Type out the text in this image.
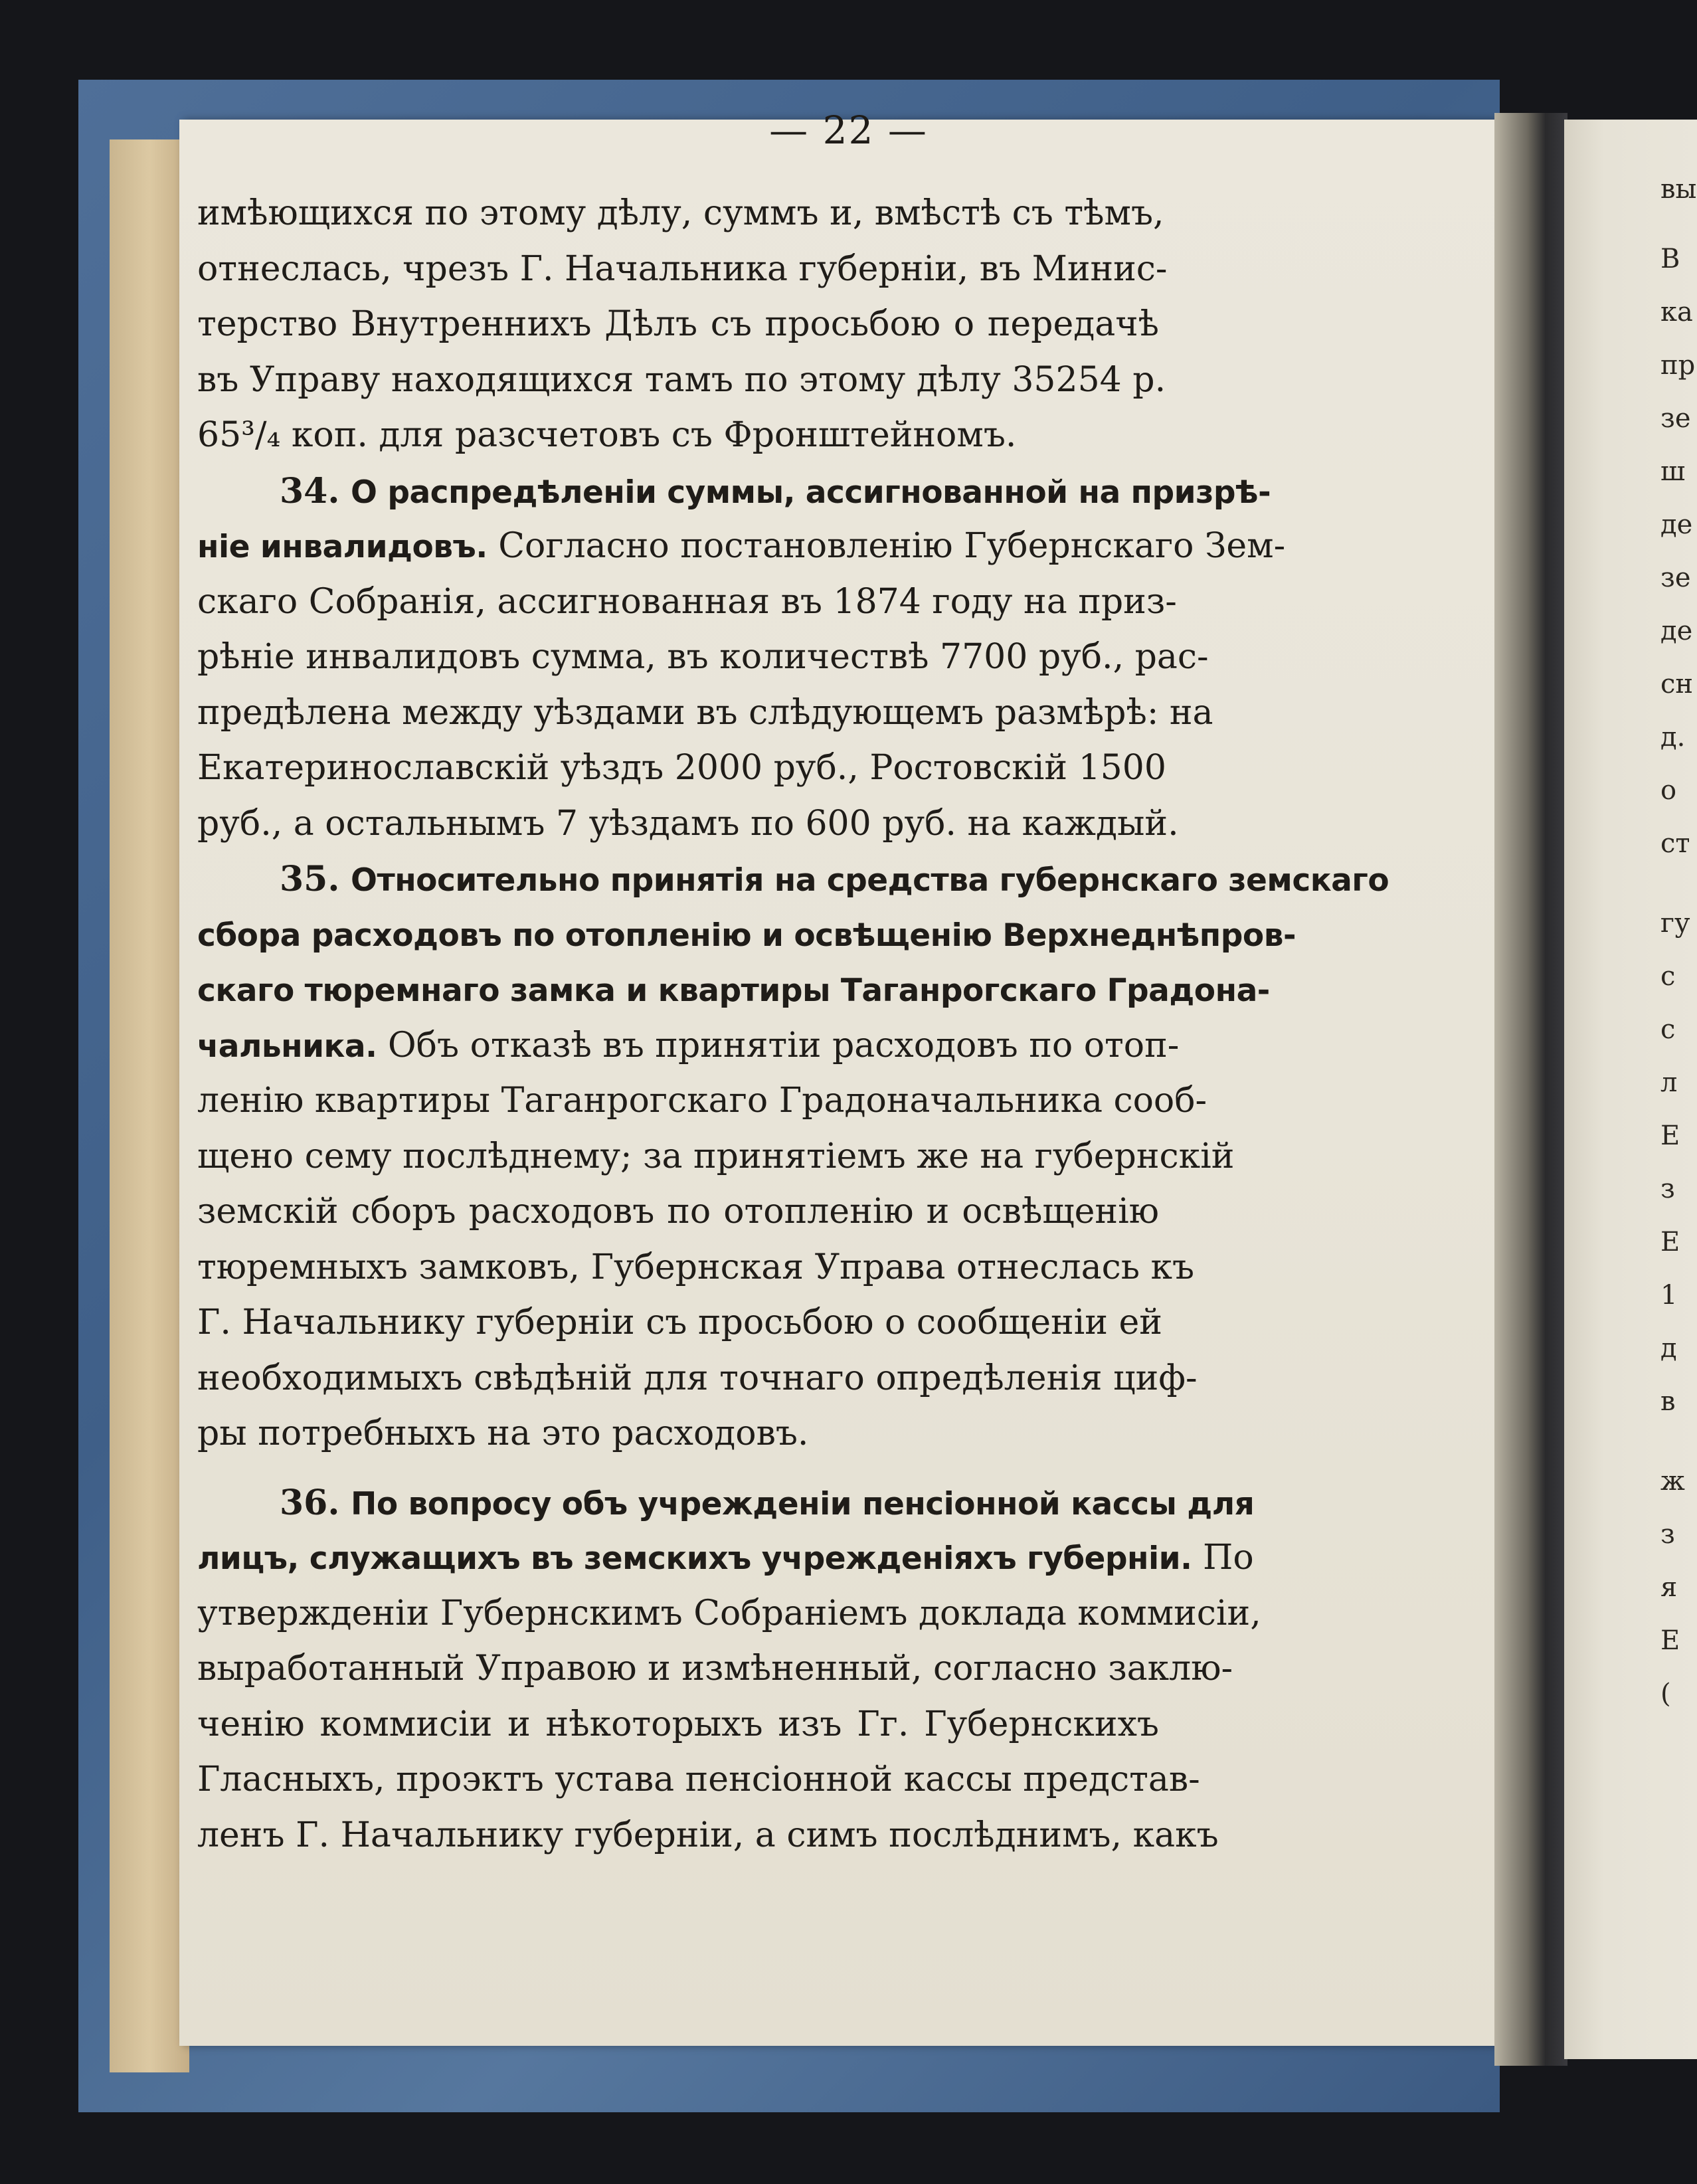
вы
В
ка
пр
зе
ш
де
зе
де
сн
д.
о
ст
гу
с
с
л
Е
з
Е
1
д
в
ж
з
я
Е
(
— 22 —
имѣющихся по этому дѣлу, суммъ и, вмѣстѣ съ тѣмъ,
отнеслась, чрезъ Г. Начальника губерніи, въ Минис-
терство Внутреннихъ Дѣлъ съ просьбою о передачѣ
въ Управу находящихся тамъ по этому дѣлу 35254 р.
65³/₄ коп. для разсчетовъ съ Фронштейномъ.
34. О распредѣленіи суммы, ассигнованной на призрѣ-
ніе инвалидовъ. Согласно постановленію Губернскаго Зем-
скаго Собранія, ассигнованная въ 1874 году на приз-
рѣніе инвалидовъ сумма, въ количествѣ 7700 руб., рас-
предѣлена между уѣздами въ слѣдующемъ размѣрѣ: на
Екатеринославскій уѣздъ 2000 руб., Ростовскій 1500
руб., а остальнымъ 7 уѣздамъ по 600 руб. на каждый.
35. Относительно принятія на средства губернскаго земскаго
сбора расходовъ по отопленію и освѣщенію Верхнеднѣпров-
скаго тюремнаго замка и квартиры Таганрогскаго Градона-
чальника. Объ отказѣ въ принятіи расходовъ по отоп-
ленію квартиры Таганрогскаго Градоначальника сооб-
щено сему послѣднему; за принятіемъ же на губернскій
земскій сборъ расходовъ по отопленію и освѣщенію
тюремныхъ замковъ, Губернская Управа отнеслась къ
Г. Начальнику губерніи съ просьбою о сообщеніи ей
необходимыхъ свѣдѣній для точнаго опредѣленія циф-
ры потребныхъ на это расходовъ.
36. По вопросу объ учрежденіи пенсіонной кассы для
лицъ, служащихъ въ земскихъ учрежденіяхъ губерніи. По
утвержденіи Губернскимъ Собраніемъ доклада коммисіи,
выработанный Управою и измѣненный, согласно заклю-
ченію коммисіи и нѣкоторыхъ изъ Гг. Губернскихъ
Гласныхъ, проэктъ устава пенсіонной кассы представ-
ленъ Г. Начальнику губерніи, а симъ послѣднимъ, какъ
